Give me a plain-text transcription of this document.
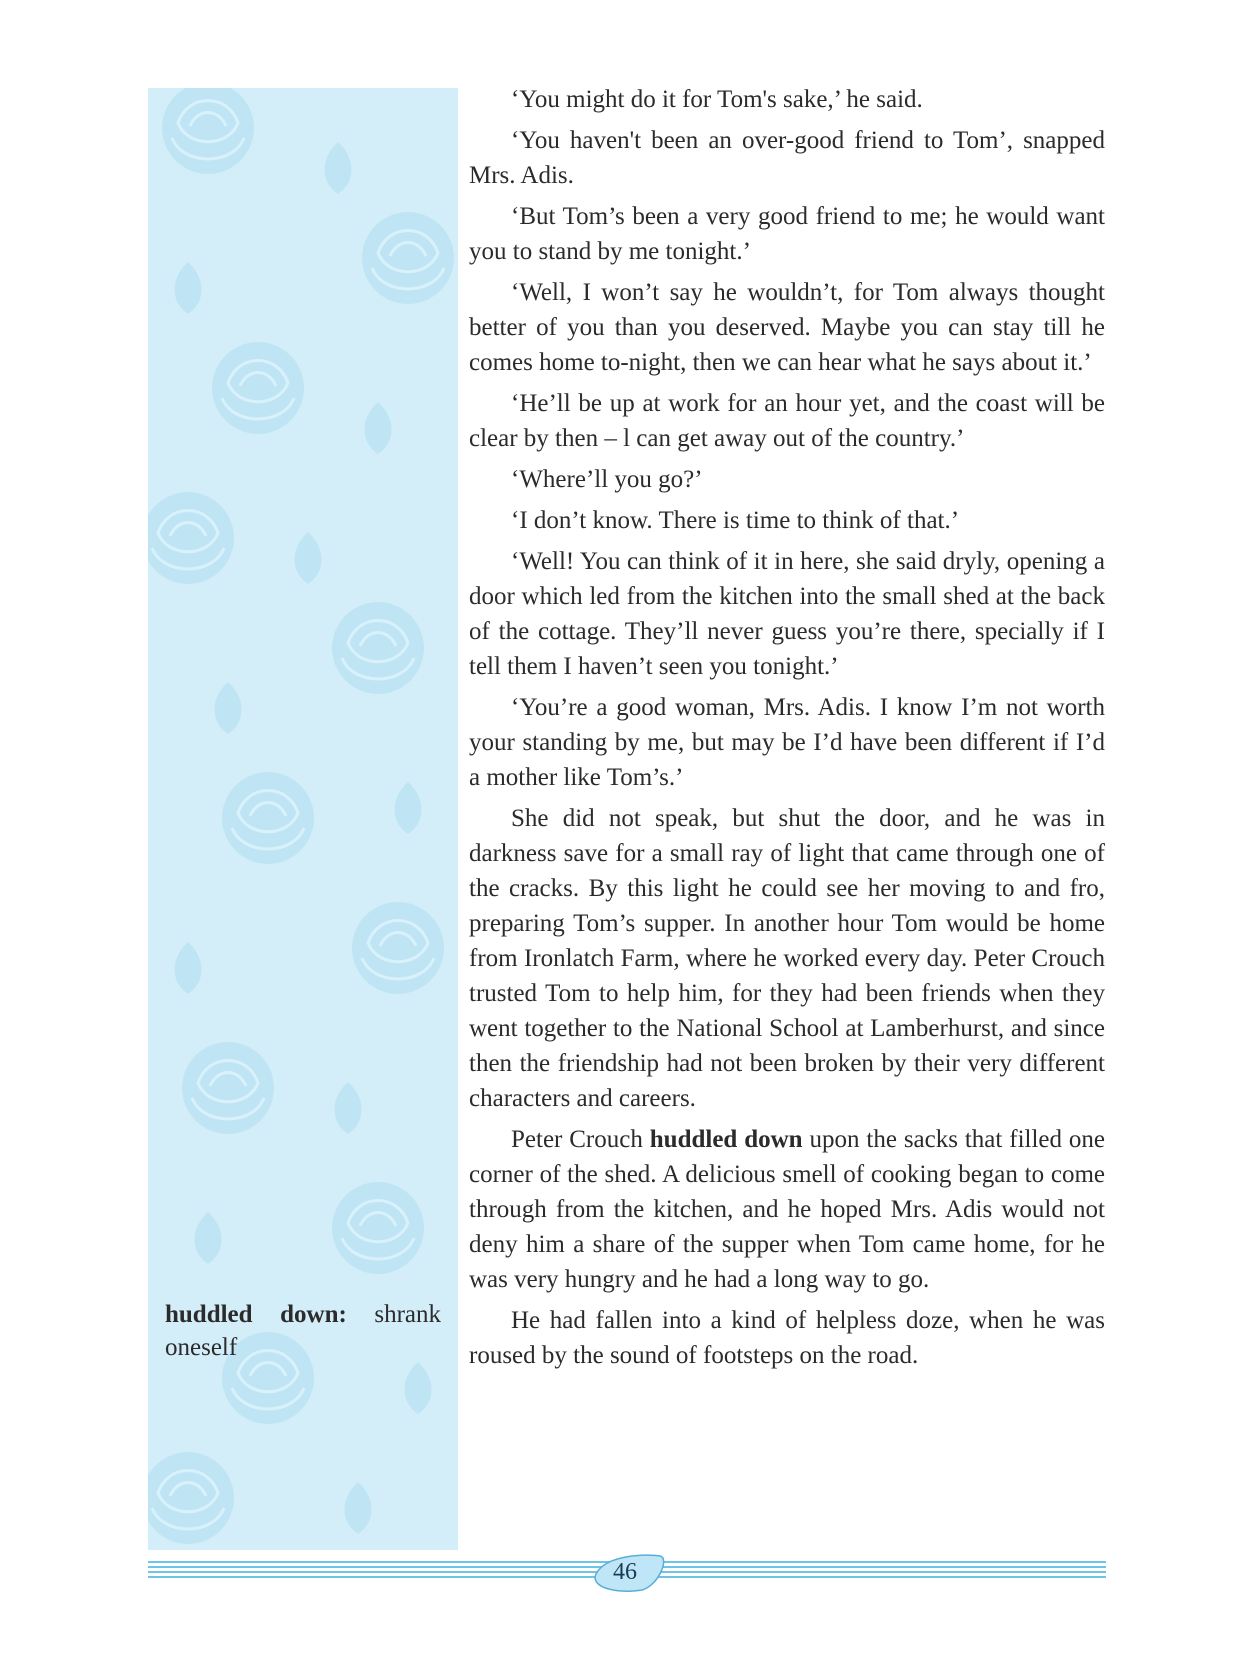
huddled down: shrank
oneself

‘You might do it for Tom's sake,’ he said.

‘You haven't been an over-good friend to Tom’, snapped Mrs. Adis.

‘But Tom’s been a very good friend to me; he would want you to stand by me tonight.’

‘Well, I won’t say he wouldn’t, for Tom always thought better of you than you deserved. Maybe you can stay till he comes home to-night, then we can hear what he says about it.’

‘He’ll be up at work for an hour yet, and the coast will be clear by then – l can get away out of the country.’

‘Where’ll you go?’

‘I don’t know. There is time to think of that.’

‘Well! You can think of it in here, she said dryly, opening a door which led from the kitchen into the small shed at the back of the cottage. They’ll never guess you’re there, specially if I tell them I haven’t seen you tonight.’

‘You’re a good woman, Mrs. Adis. I know I’m not worth your standing by me, but may be I’d have been different if I’d a mother like Tom’s.’

She did not speak, but shut the door, and he was in darkness save for a small ray of light that came through one of the cracks. By this light he could see her moving to and fro, preparing Tom’s supper. In another hour Tom would be home from Ironlatch Farm, where he worked every day. Peter Crouch trusted Tom to help him, for they had been friends when they went together to the National School at Lamberhurst, and since then the friendship had not been broken by their very different characters and careers.

Peter Crouch huddled down upon the sacks that filled one corner of the shed. A delicious smell of cooking began to come through from the kitchen, and he hoped Mrs. Adis would not deny him a share of the supper when Tom came home, for he was very hungry and he had a long way to go.

He had fallen into a kind of helpless doze, when he was roused by the sound of footsteps on the road.

46
